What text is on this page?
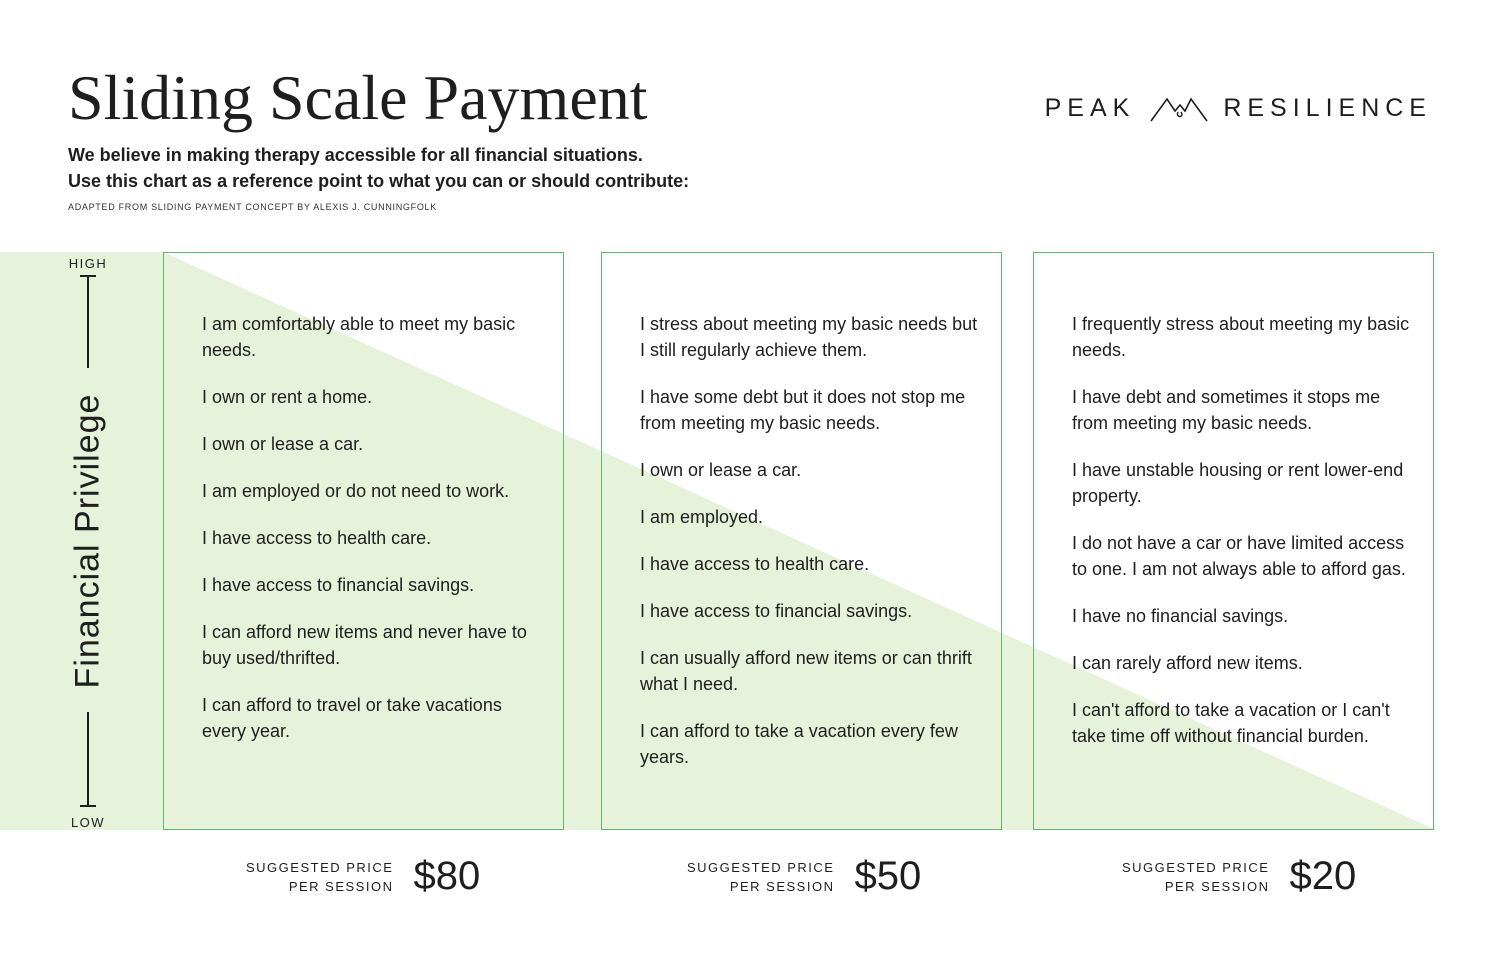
Sliding Scale Payment
We believe in making therapy accessible for all financial situations.
Use this chart as a reference point to what you can or should contribute:
ADAPTED FROM SLIDING PAYMENT CONCEPT BY ALEXIS J. CUNNINGFOLK
PEAK	RESILIENCE
HIGH
LOW
Financial Privilege
I am comfortably able to meet my basic needs.
I own or rent a home.
I own or lease a car.
I am employed or do not need to work.
I have access to health care.
I have access to financial savings.
I can afford new items and never have to buy used/thrifted.
I can afford to travel or take vacations every year.
I stress about meeting my basic needs but I still regularly achieve them.
I have some debt but it does not stop me from meeting my basic needs.
I own or lease a car.
I am employed.
I have access to health care.
I have access to financial savings.
I can usually afford new items or can thrift what I need.
I can afford to take a vacation every few years.
I frequently stress about meeting my basic needs.
I have debt and sometimes it stops me from meeting my basic needs.
I have unstable housing or rent lower-end property.
I do not have a car or have limited access to one. I am not always able to afford gas.
I have no financial savings.
I can rarely afford new items.
I can't afford to take a vacation or I can't take time off without financial burden.
SUGGESTED PRICE
PER SESSION $80	SUGGESTED PRICE
PER SESSION $50	SUGGESTED PRICE
PER SESSION $20
